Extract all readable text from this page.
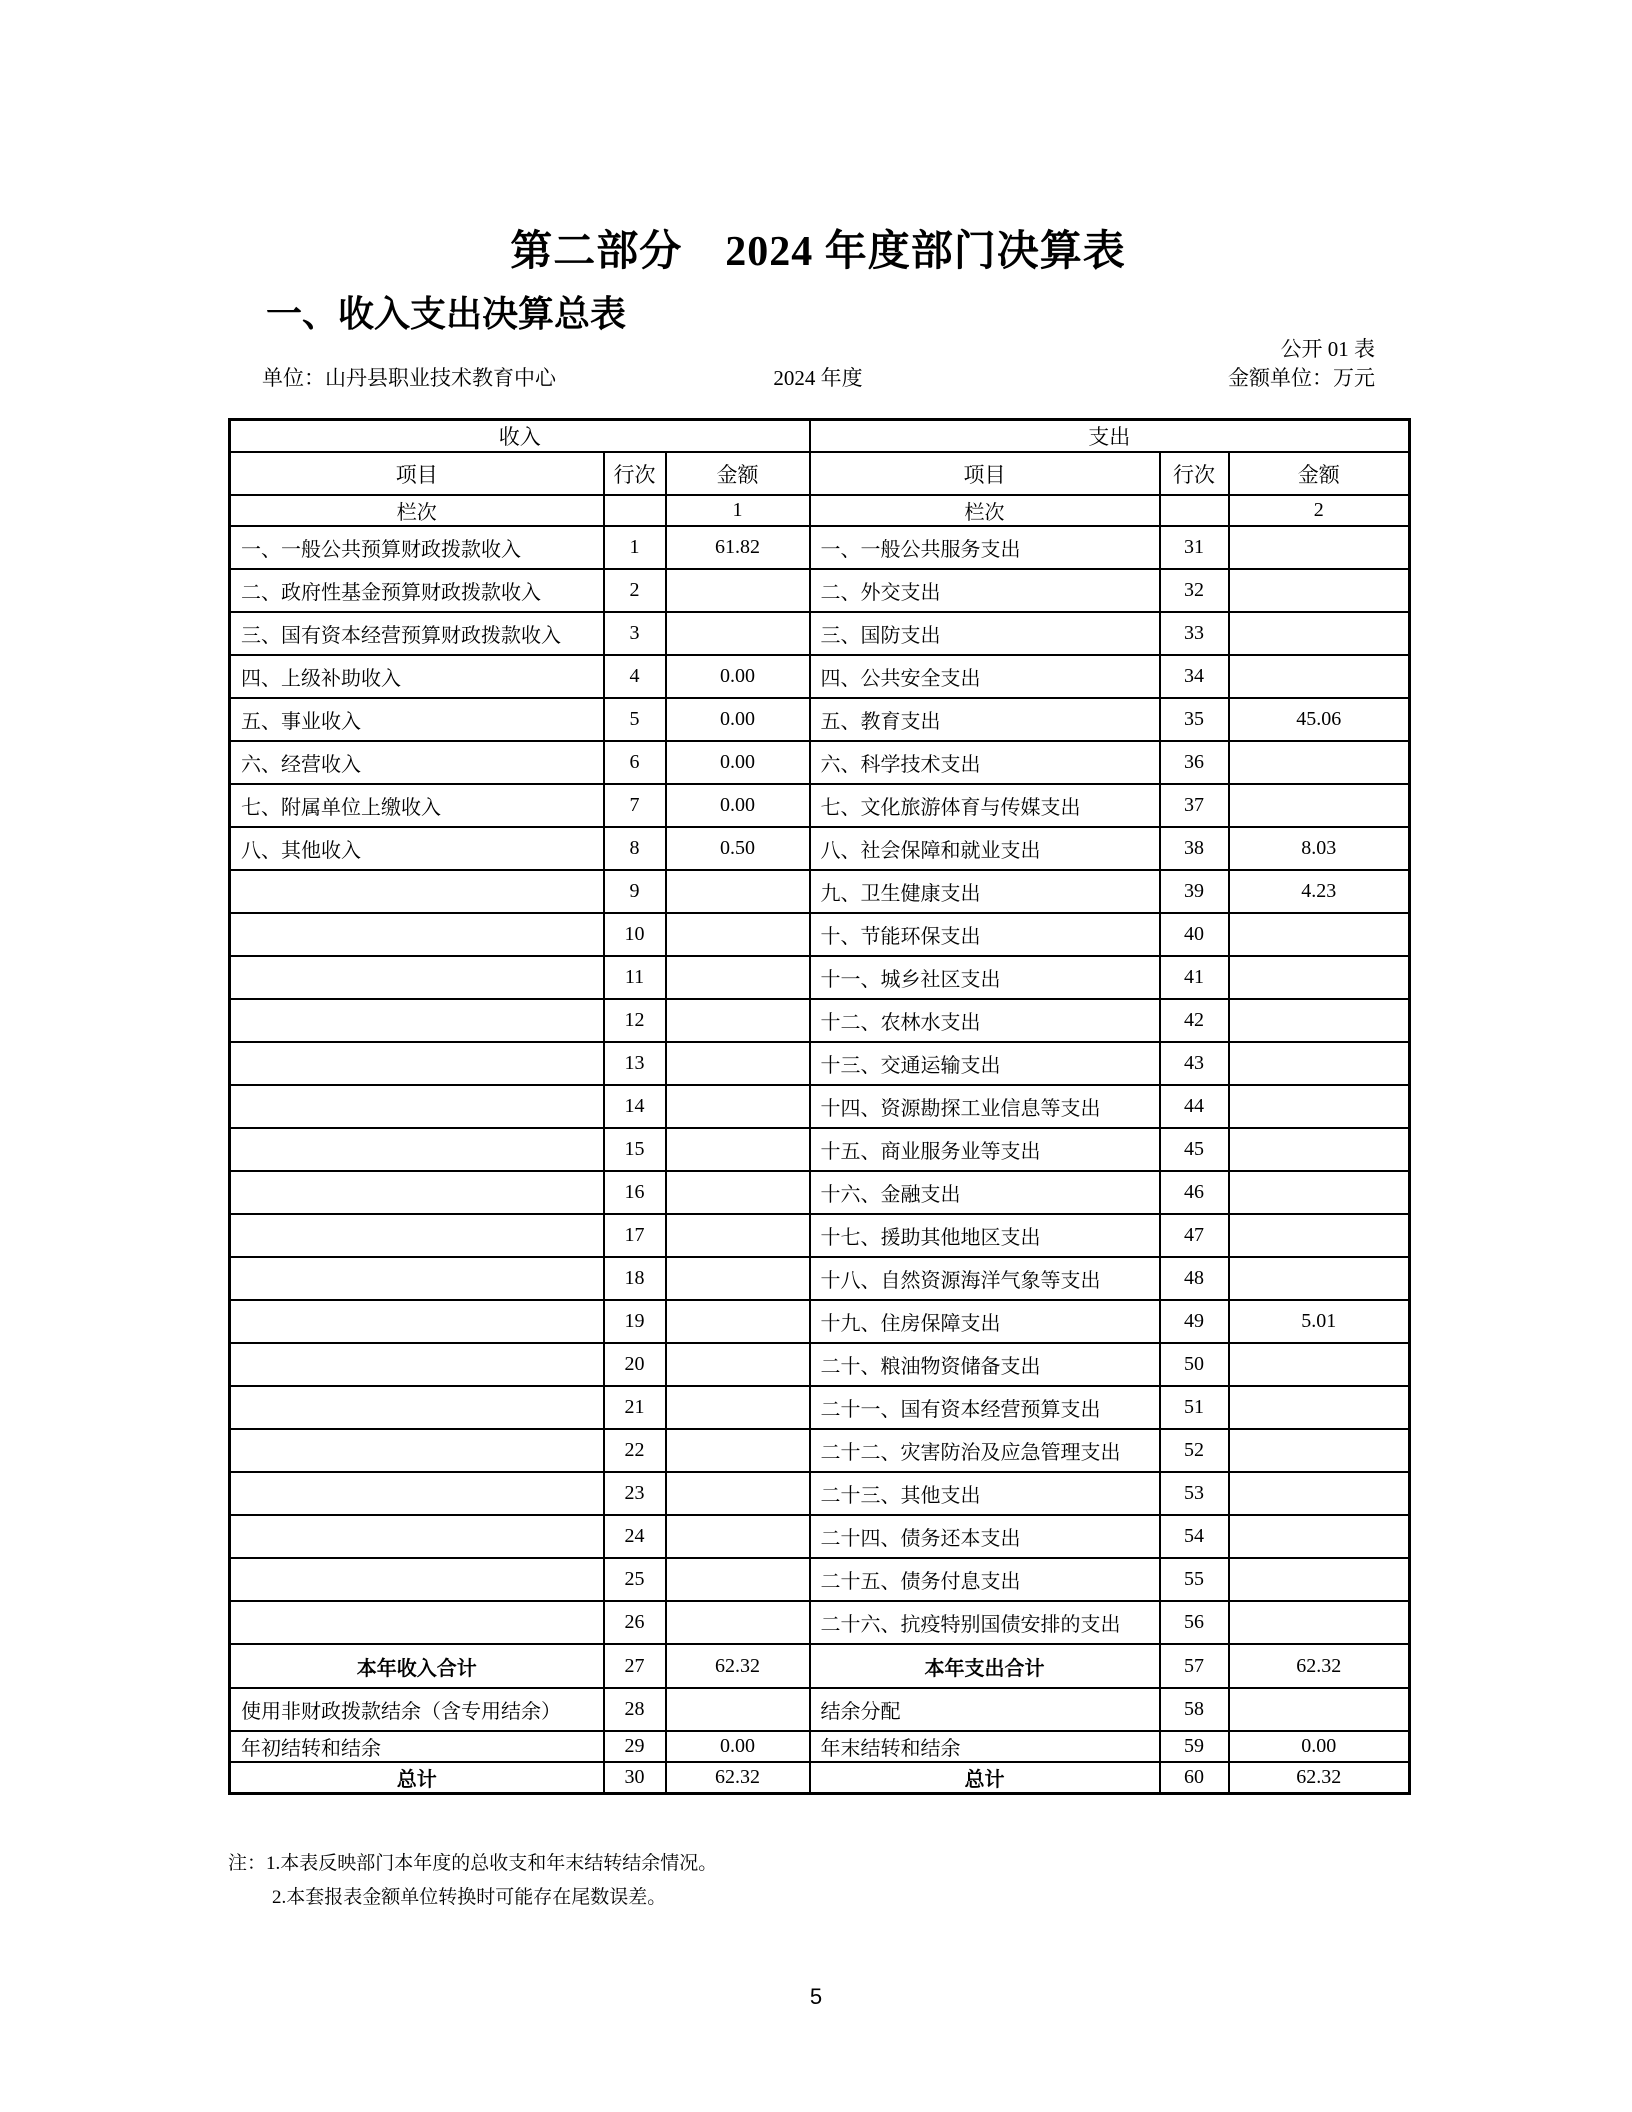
第二部分　2024 年度部门决算表
一、收入支出决算总表
公开 01 表
单位：山丹县职业技术教育中心	2024 年度	金额单位：万元
收入			支出		
项目	行次	金额	项目	行次	金额
栏次		1	栏次		2
一、一般公共预算财政拨款收入	1	61.82	一、一般公共服务支出	31	
二、政府性基金预算财政拨款收入	2		二、外交支出	32	
三、国有资本经营预算财政拨款收入	3		三、国防支出	33	
四、上级补助收入	4	0.00	四、公共安全支出	34	
五、事业收入	5	0.00	五、教育支出	35	45.06
六、经营收入	6	0.00	六、科学技术支出	36	
七、附属单位上缴收入	7	0.00	七、文化旅游体育与传媒支出	37	
八、其他收入	8	0.50	八、社会保障和就业支出	38	8.03
	9		九、卫生健康支出	39	4.23
	10		十、节能环保支出	40	
	11		十一、城乡社区支出	41	
	12		十二、农林水支出	42	
	13		十三、交通运输支出	43	
	14		十四、资源勘探工业信息等支出	44	
	15		十五、商业服务业等支出	45	
	16		十六、金融支出	46	
	17		十七、援助其他地区支出	47	
	18		十八、自然资源海洋气象等支出	48	
	19		十九、住房保障支出	49	5.01
	20		二十、粮油物资储备支出	50	
	21		二十一、国有资本经营预算支出	51	
	22		二十二、灾害防治及应急管理支出	52	
	23		二十三、其他支出	53	
	24		二十四、债务还本支出	54	
	25		二十五、债务付息支出	55	
	26		二十六、抗疫特别国债安排的支出	56	
本年收入合计	27	62.32	本年支出合计	57	62.32
使用非财政拨款结余（含专用结余）	28		结余分配	58	
年初结转和结余	29	0.00	年末结转和结余	59	0.00
总计	30	62.32	总计	60	62.32
注：1.本表反映部门本年度的总收支和年末结转结余情况。
2.本套报表金额单位转换时可能存在尾数误差。
5
